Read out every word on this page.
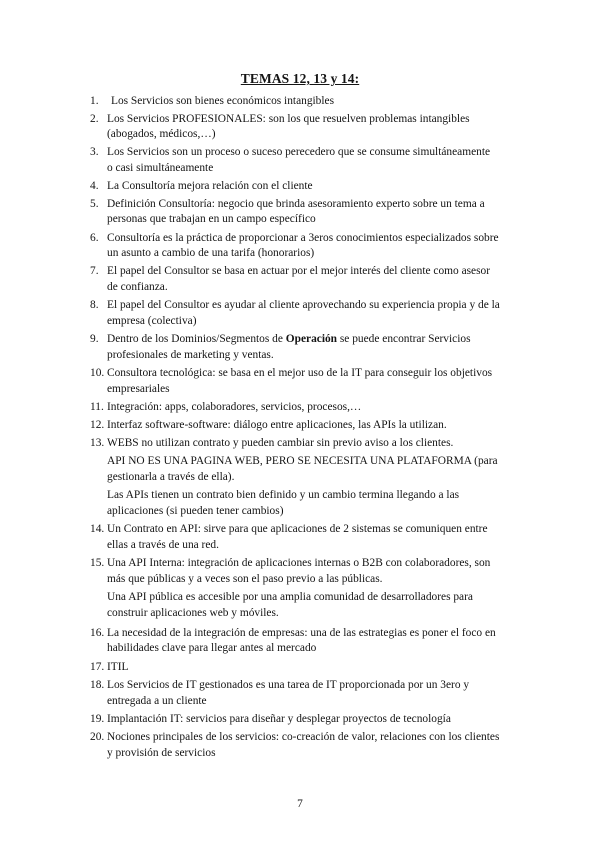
TEMAS 12, 13 y 14:
1. Los Servicios son bienes económicos intangibles
2. Los Servicios PROFESIONALES: son los que resuelven problemas intangibles
(abogados, médicos,…)
3. Los Servicios son un proceso o suceso perecedero que se consume simultáneamente
o casi simultáneamente
4. La Consultoría mejora relación con el cliente
5. Definición Consultoría: negocio que brinda asesoramiento experto sobre un tema a
personas que trabajan en un campo específico
6. Consultoría es la práctica de proporcionar a 3eros conocimientos especializados sobre
un asunto a cambio de una tarifa (honorarios)
7. El papel del Consultor se basa en actuar por el mejor interés del cliente como asesor
de confianza.
8. El papel del Consultor es ayudar al cliente aprovechando su experiencia propia y de la
empresa (colectiva)
9. Dentro de los Dominios/Segmentos de Operación se puede encontrar Servicios
profesionales de marketing y ventas.
10. Consultora tecnológica: se basa en el mejor uso de la IT para conseguir los objetivos
empresariales
11. Integración: apps, colaboradores, servicios, procesos,…
12. Interfaz software-software: diálogo entre aplicaciones, las APIs la utilizan.
13. WEBS no utilizan contrato y pueden cambiar sin previo aviso a los clientes.
API NO ES UNA PAGINA WEB, PERO SE NECESITA UNA PLATAFORMA (para
gestionarla a través de ella).
Las APIs tienen un contrato bien definido y un cambio termina llegando a las
aplicaciones (si pueden tener cambios)
14. Un Contrato en API: sirve para que aplicaciones de 2 sistemas se comuniquen entre
ellas a través de una red.
15. Una API Interna: integración de aplicaciones internas o B2B con colaboradores, son
más que públicas y a veces son el paso previo a las públicas.
Una API pública es accesible por una amplia comunidad de desarrolladores para
construir aplicaciones web y móviles.
16. La necesidad de la integración de empresas: una de las estrategias es poner el foco en
habilidades clave para llegar antes al mercado
17. ITIL
18. Los Servicios de IT gestionados es una tarea de IT proporcionada por un 3ero y
entregada a un cliente
19. Implantación IT: servicios para diseñar y desplegar proyectos de tecnología
20. Nociones principales de los servicios: co-creación de valor, relaciones con los clientes
y provisión de servicios
7
